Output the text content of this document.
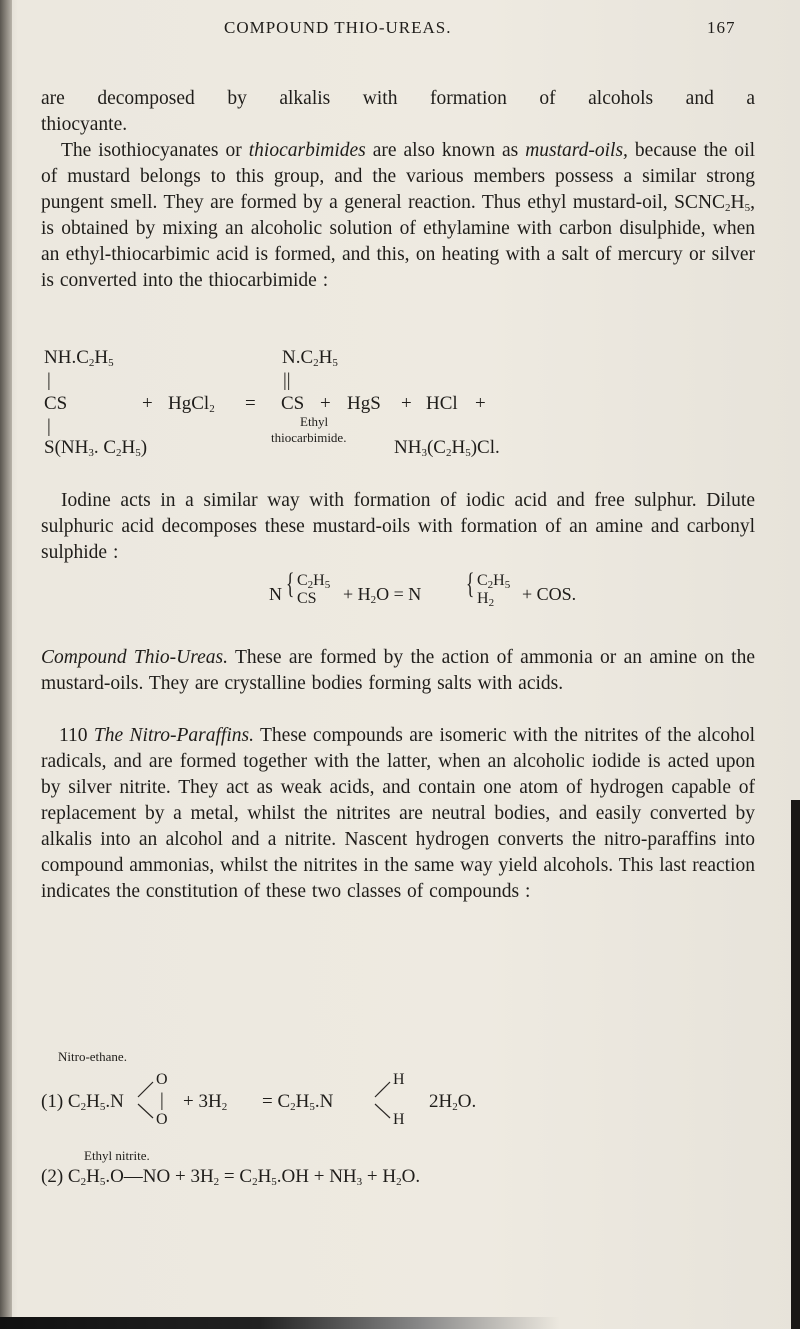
COMPOUND THIO-UREAS.	167

are decomposed by alkalis with formation of alcohols and a

thiocyante.

The isothiocyanates or thiocarbimides are also known as mustard-oils, because the oil of mustard belongs to this group, and the various members possess a similar strong pungent smell. They are formed by a general reaction. Thus ethyl mustard-oil, $SCNC_2H_5$, is obtained by mixing an alcoholic solution of ethylamine with carbon disulphide, when an ethyl-thiocarbimic acid is formed, and this, on heating with a salt of mercury or silver is converted into the thiocarbimide :

$NH.C_2H_5$	$N.C_2H_5$
|	||
CS	+ HgCl$_2$ = CS + HgS + HCl +
|	Ethyl
thiocarbimide.
$S(NH_3$. $C_2H_5$)	$NH_3(C_2H_5)Cl$.

Iodine acts in a similar way with formation of iodic acid and free sulphur. Dilute sulphuric acid decomposes these mustard-oils with formation of an amine and carbonyl sulphide :

N { $C_2H_5$
CS + $H_2O = N$ { $C_2H_5$
$H_2$ + COS.

Compound Thio-Ureas. These are formed by the action of ammonia or an amine on the mustard-oils. They are crystalline bodies forming salts with acids.

110 The Nitro-Paraffins. These compounds are isomeric with the nitrites of the alcohol radicals, and are formed together with the latter, when an alcoholic iodide is acted upon by silver nitrite. They act as weak acids, and contain one atom of hydrogen capable of replacement by a metal, whilst the nitrites are neutral bodies, and easily converted by alkalis into an alcohol and a nitrite. Nascent hydrogen converts the nitro-paraffins into compound ammonias, whilst the nitrites in the same way yield alcohols. This last reaction indicates the constitution of these two classes of compounds :

Nitro-ethane.
(1) $C_2H_5.N$
O
|
O
+ $3H_2 = C_2H_5.N$
H
H
$2H_2O$.
Ethyl nitrite.
(2) $C_2H_5.O—NO + 3H_2 = C_2H_5.OH + NH_3 + H_2O$.
